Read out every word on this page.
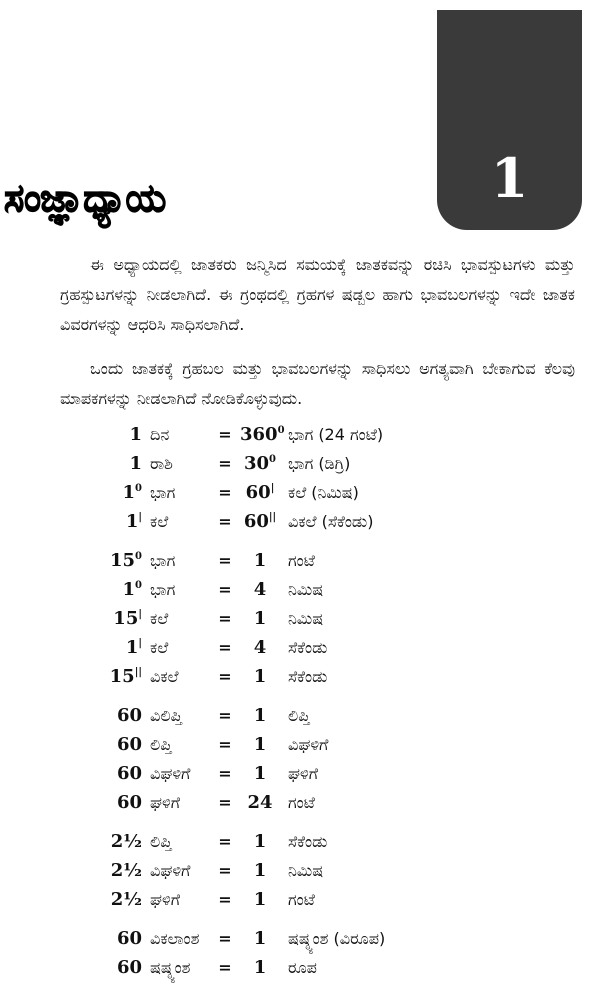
1
ಸಂಜ್ಞಾಧ್ಯಾಯ
ಈ ಅಧ್ಯಾಯದಲ್ಲಿ ಜಾತಕರು ಜನ್ಮಿಸಿದ ಸಮಯಕ್ಕೆ ಜಾತಕವನ್ನು ರಚಿಸಿ ಭಾವಸ್ಪುಟಗಳು ಮತ್ತು ಗ್ರಹಸ್ಪುಟಗಳನ್ನು ನೀಡಲಾಗಿದೆ. ಈ ಗ್ರಂಥದಲ್ಲಿ ಗ್ರಹಗಳ ಷಡ್ಬಲ ಹಾಗು ಭಾವಬಲಗಳನ್ನು ಇದೇ ಜಾತಕ ವಿವರಗಳನ್ನು ಆಧರಿಸಿ ಸಾಧಿಸಲಾಗಿದೆ.
ಒಂದು ಜಾತಕಕ್ಕೆ ಗ್ರಹಬಲ ಮತ್ತು ಭಾವಬಲಗಳನ್ನು ಸಾಧಿಸಲು ಅಗತ್ಯವಾಗಿ ಬೇಕಾಗುವ ಕೆಲವು ಮಾಪಕಗಳನ್ನು ನೀಡಲಾಗಿದೆ ನೋಡಿಕೊಳ್ಳುವುದು.
1 ದಿನ	= $360^0$ ಭಾಗ (24 ಗಂಟೆ)
1 ರಾಶಿ	= $30^0$ ಭಾಗ (ಡಿಗ್ರಿ)
$1^0$ ಭಾಗ	= 60| ಕಲೆ (ನಿಮಿಷ)
1| ಕಲೆ	= 60|| ವಿಕಲೆ (ಸೆಕೆಂಡು)
$15^0$ ಭಾಗ	=	1	ಗಂಟೆ
$1^0$ ಭಾಗ	=	4	ನಿಮಿಷ
15| ಕಲೆ	=	1	ನಿಮಿಷ
1| ಕಲೆ	=	4	ಸೆಕೆಂಡು
15|| ವಿಕಲೆ	=	1	ಸೆಕೆಂಡು
60 ವಿಲಿಪ್ತಿ	=	1	ಲಿಪ್ತಿ
60 ಲಿಪ್ತಿ	=	1	ವಿಘಳಿಗೆ
60 ವಿಘಳಿಗೆ	=	1	ಘಳಿಗೆ
60 ಘಳಿಗೆ	= 24 ಗಂಟೆ
2½ ಲಿಪ್ತಿ	=	1	ಸೆಕೆಂಡು
2½ ವಿಘಳಿಗೆ	=	1	ನಿಮಿಷ
2½ ಘಳಿಗೆ	=	1	ಗಂಟೆ
60 ವಿಕಲಾಂಶ	=	1	ಷಷ್ಠ್ಯಂಶ (ವಿರೂಪ)
60 ಷಷ್ಠ್ಯಂಶ	=	1	ರೂಪ
